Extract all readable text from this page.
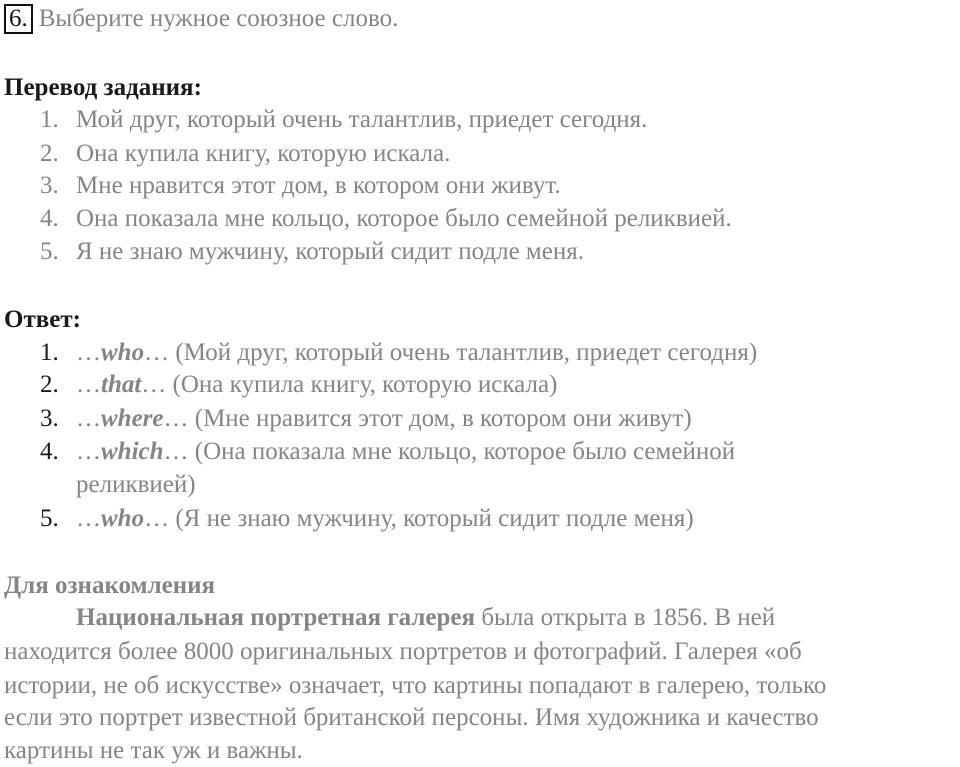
6. Выберите нужное союзное слово.
Перевод задания:
1. Мой друг, который очень талантлив, приедет сегодня.
2. Она купила книгу, которую искала.
3. Мне нравится этот дом, в котором они живут.
4. Она показала мне кольцо, которое было семейной реликвией.
5. Я не знаю мужчину, который сидит подле меня.
Ответ:
1. …who… (Мой друг, который очень талантлив, приедет сегодня)
2. …that… (Она купила книгу, которую искала)
3. …where… (Мне нравится этот дом, в котором они живут)
4. …which… (Она показала мне кольцо, которое было семейной
реликвией)
5. …who… (Я не знаю мужчину, который сидит подле меня)
Для ознакомления
Национальная портретная галерея была открыта в 1856. В ней
находится более 8000 оригинальных портретов и фотографий. Галерея «об
истории, не об искусстве» означает, что картины попадают в галерею, только
если это портрет известной британской персоны. Имя художника и качество
картины не так уж и важны.
